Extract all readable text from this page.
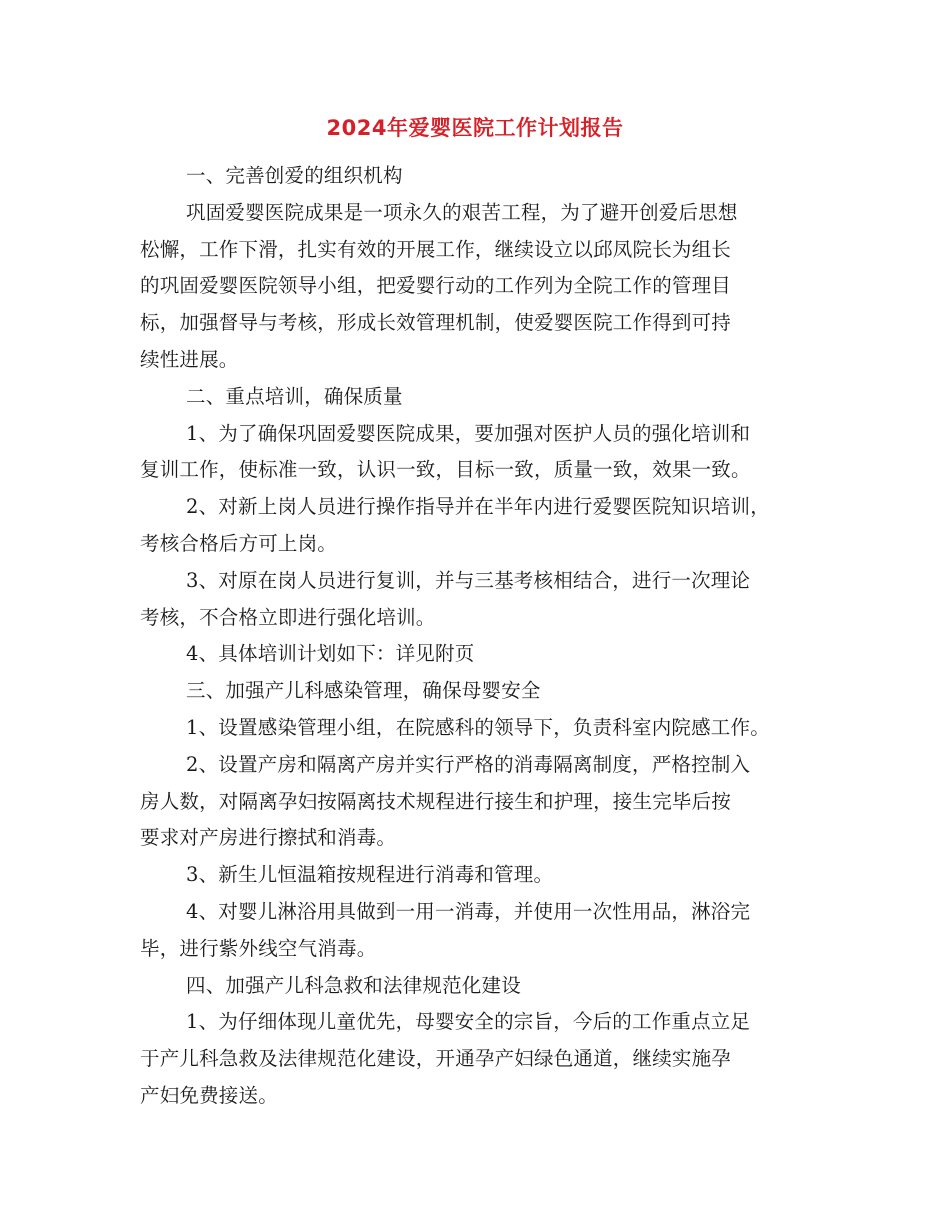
2024年爱婴医院工作计划报告

一、完善创爱的组织机构

巩固爱婴医院成果是一项永久的艰苦工程，为了避开创爱后思想

松懈，工作下滑，扎实有效的开展工作，继续设立以邱凤院长为组长

的巩固爱婴医院领导小组，把爱婴行动的工作列为全院工作的管理目

标，加强督导与考核，形成长效管理机制，使爱婴医院工作得到可持

续性进展。

二、重点培训，确保质量

1、为了确保巩固爱婴医院成果，要加强对医护人员的强化培训和

复训工作，使标准一致，认识一致，目标一致，质量一致，效果一致。

2、对新上岗人员进行操作指导并在半年内进行爱婴医院知识培训，

考核合格后方可上岗。

3、对原在岗人员进行复训，并与三基考核相结合，进行一次理论

考核，不合格立即进行强化培训。

4、具体培训计划如下：详见附页

三、加强产儿科感染管理，确保母婴安全

1、设置感染管理小组，在院感科的领导下，负责科室内院感工作。

2、设置产房和隔离产房并实行严格的消毒隔离制度，严格控制入

房人数，对隔离孕妇按隔离技术规程进行接生和护理，接生完毕后按

要求对产房进行擦拭和消毒。

3、新生儿恒温箱按规程进行消毒和管理。

4、对婴儿淋浴用具做到一用一消毒，并使用一次性用品，淋浴完

毕，进行紫外线空气消毒。

四、加强产儿科急救和法律规范化建设

1、为仔细体现儿童优先，母婴安全的宗旨，今后的工作重点立足

于产儿科急救及法律规范化建设，开通孕产妇绿色通道，继续实施孕

产妇免费接送。
